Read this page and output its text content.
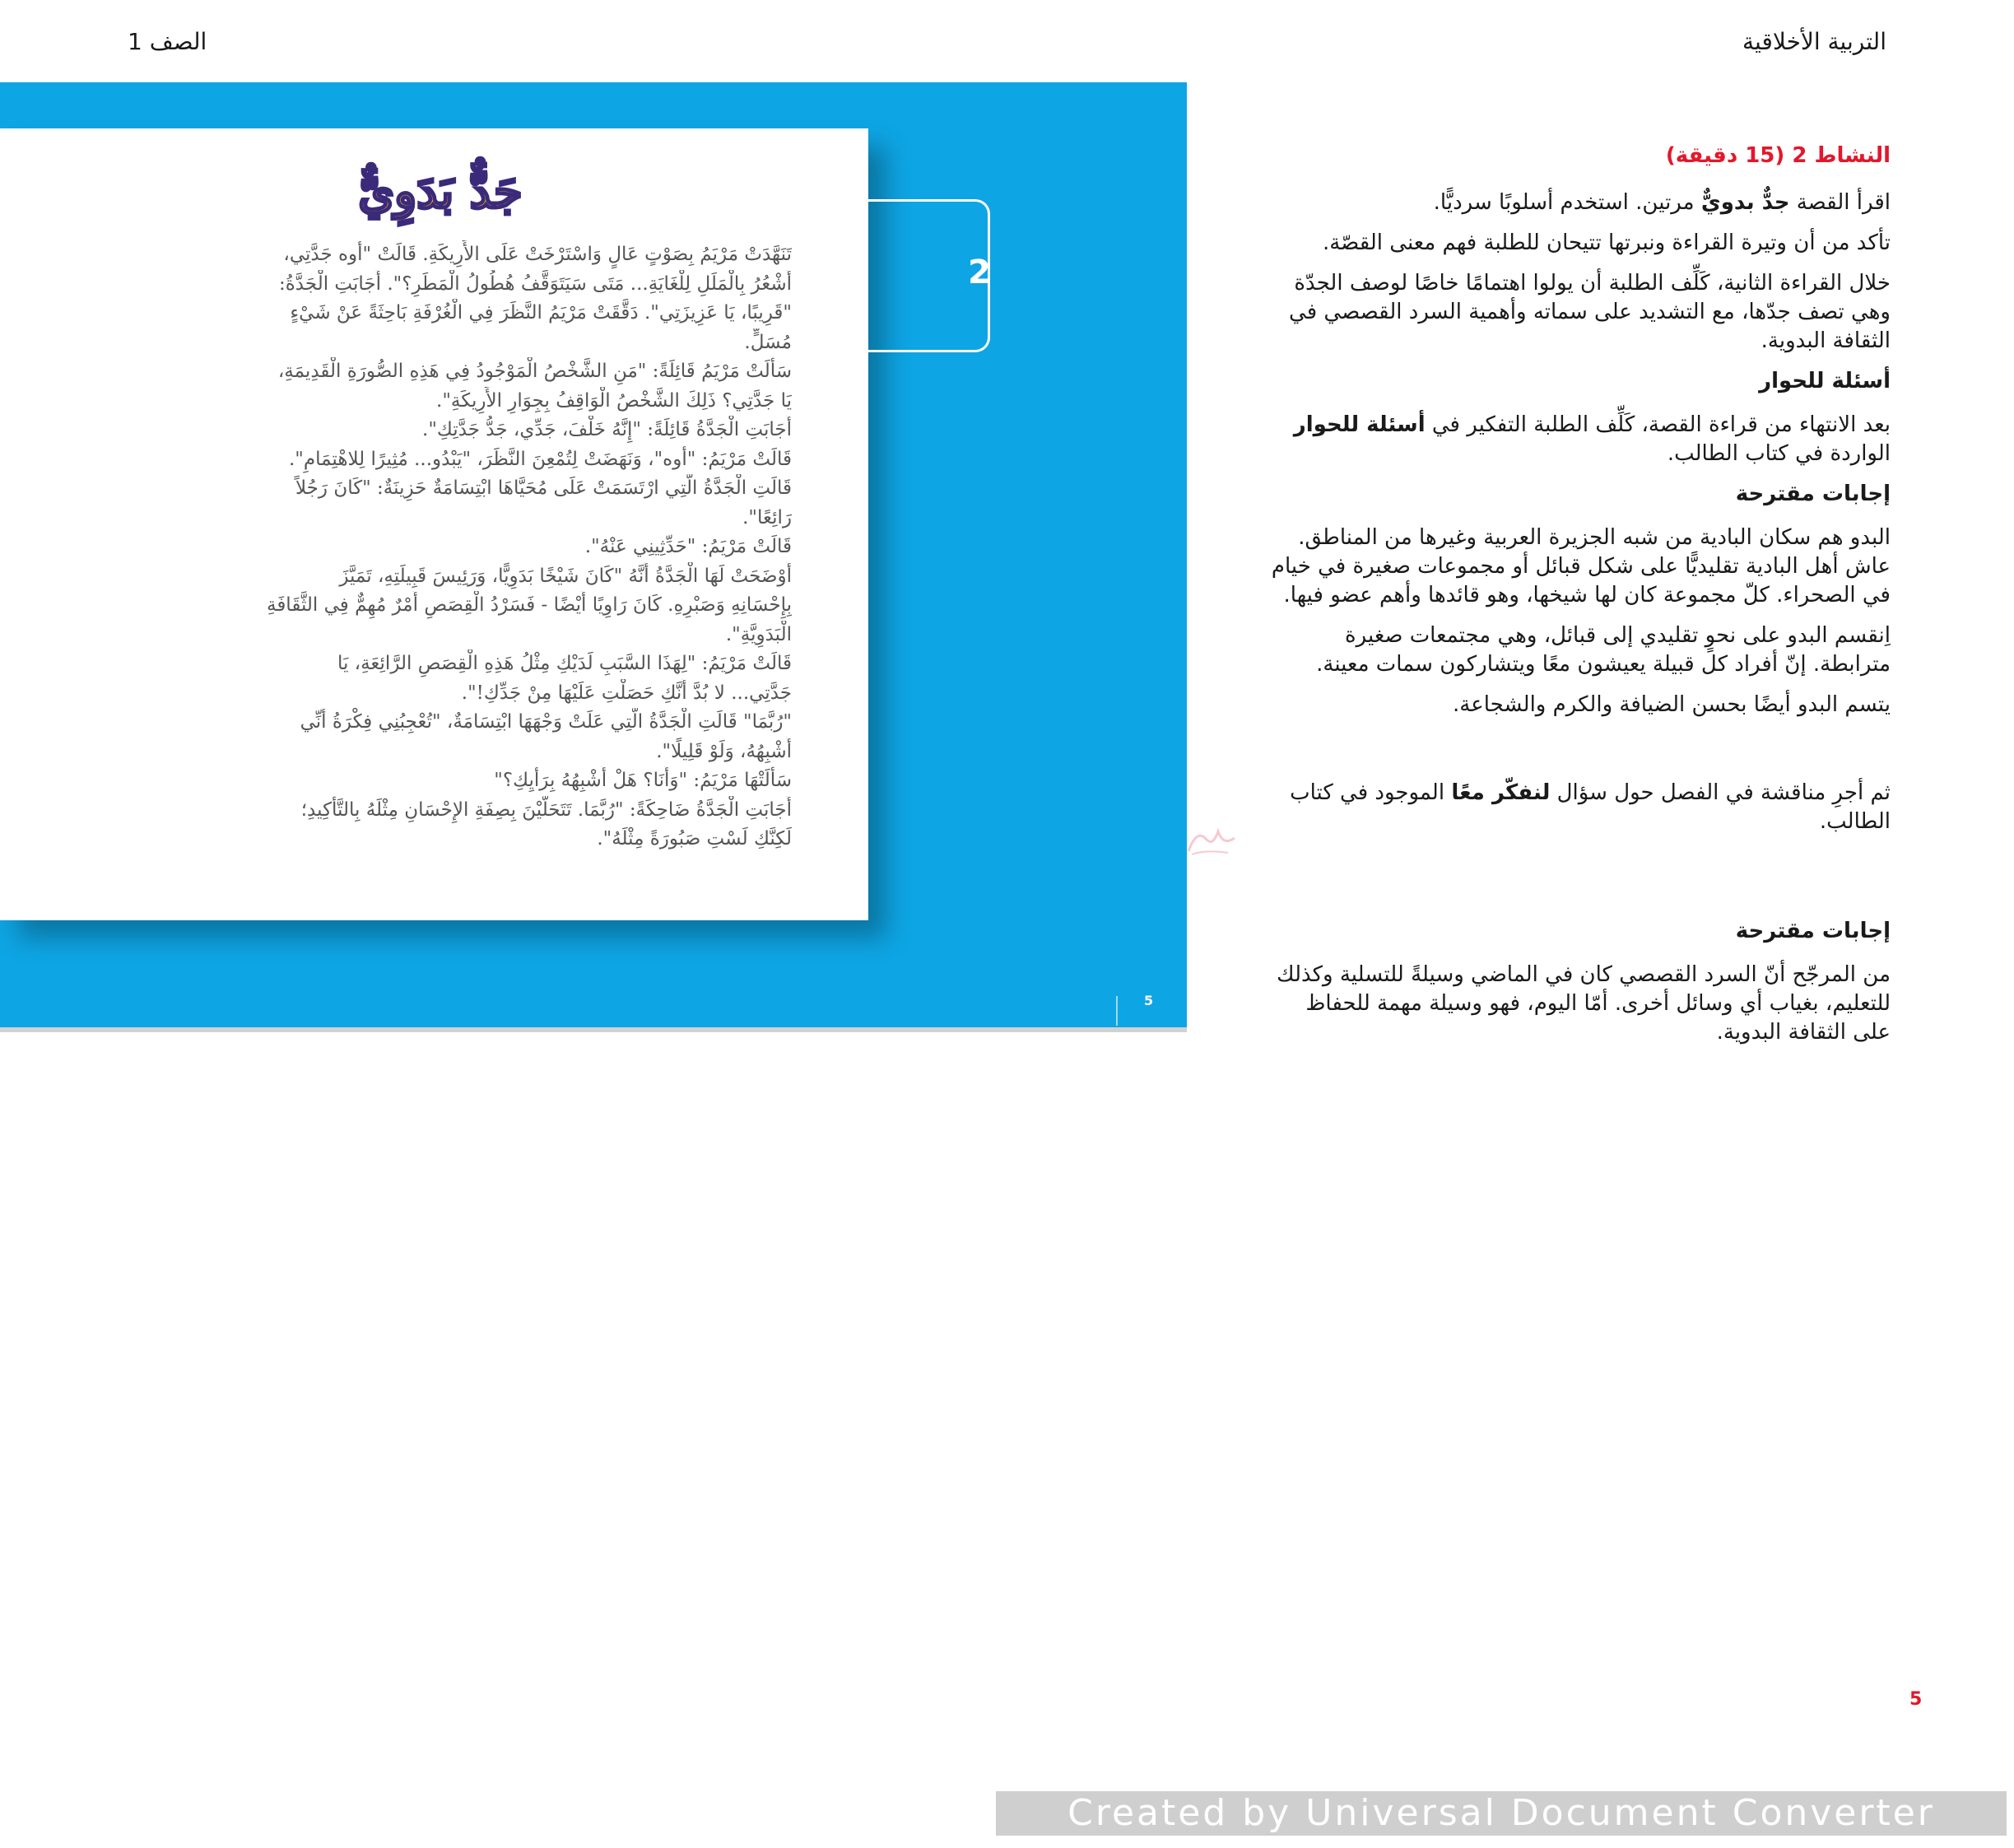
التربية الأخلاقية
الصف 1
جَدٌّ بَدَوِيٌّ
تَنَهَّدَتْ مَرْيَمُ بِصَوْتٍ عَالٍ وَاسْتَرْخَتْ عَلَى الأَرِيكَةِ. قَالَتْ "أوه جَدَّتِي،
أَشْعُرُ بِالْمَلَلِ لِلْغَايَةِ... مَتَى سَيَتَوَقَّفُ هُطُولُ الْمَطَرِ؟". أَجَابَتِ الْجَدَّةُ:
"قَرِيبًا، يَا عَزِيزَتِي". دَقَّقَتْ مَرْيَمُ النَّظَرَ فِي الْغُرْفَةِ بَاحِثَةً عَنْ شَيْءٍ
مُسَلٍّ.
سَأَلَتْ مَرْيَمُ قَائِلَةً: "مَنِ الشَّخْصُ الْمَوْجُودُ فِي هَذِهِ الصُّورَةِ الْقَدِيمَةِ،
يَا جَدَّتِي؟ ذَلِكَ الشَّخْصُ الْوَاقِفُ بِجِوَارِ الأَرِيكَةِ".
أَجَابَتِ الْجَدَّةُ قَائِلَةً: "إِنَّهُ خَلْفَ، جَدِّي، جَدُّ جَدَّتِكِ".
قَالَتْ مَرْيَمُ: "أوه"، وَنَهَضَتْ لِتُمْعِنَ النَّظَرَ، "يَبْدُو... مُثِيرًا لِلاهْتِمَامِ".
قَالَتِ الْجَدَّةُ الَّتِي ارْتَسَمَتْ عَلَى مُحَيَّاهَا ابْتِسَامَةٌ حَزِينَةٌ: "كَانَ رَجُلاً
رَائِعًا".
قَالَتْ مَرْيَمُ: "حَدِّثِينِي عَنْهُ".
أَوْضَحَتْ لَهَا الْجَدَّةُ أَنَّهُ "كَانَ شَيْخًا بَدَوِيًّا، وَرَئِيسَ قَبِيلَتِهِ، تَمَيَّزَ
بِإِحْسَانِهِ وَصَبْرِهِ. كَانَ رَاوِيًا أَيْضًا - فَسَرْدُ الْقِصَصِ أَمْرٌ مُهِمٌّ فِي الثَّقَافَةِ
الْبَدَوِيَّةِ".
قَالَتْ مَرْيَمُ: "لِهَذَا السَّبَبِ لَدَيْكِ مِثْلُ هَذِهِ الْقِصَصِ الرَّائِعَةِ، يَا
جَدَّتِي... لا بُدَّ أَنَّكِ حَصَلْتِ عَلَيْهَا مِنْ جَدِّكِ!".
"رُبَّمَا" قَالَتِ الْجَدَّةُ الَّتِي عَلَتْ وَجْهَهَا ابْتِسَامَةٌ، "تُعْجِبُنِي فِكْرَةُ أَنِّي
أُشْبِهُهُ، وَلَوْ قَلِيلًا".
سَأَلَتْهَا مَرْيَمُ: "وَأَنَا؟ هَلْ أُشْبِهُهُ بِرَأْيِكِ؟"
أَجَابَتِ الْجَدَّةُ ضَاحِكَةً: "رُبَّمَا. تَتَحَلَّيْنَ بِصِفَةِ الإِحْسَانِ مِثْلَهُ بِالتَّأْكِيدِ؛
لَكِنَّكِ لَسْتِ صَبُورَةً مِثْلَهُ".
2
5
النشاط 2 (15 دقيقة)

اقرأ القصة جدٌّ بدويٌّ مرتين. استخدم أسلوبًا سرديًّا.

تأكد من أن وتيرة القراءة ونبرتها تتيحان للطلبة فهم معنى القصّة.

خلال القراءة الثانية، كَلِّف الطلبة أن يولوا اهتمامًا خاصًا لوصف الجدّة وهي تصف جدّها، مع التشديد على سماته وأهمية السرد القصصي في الثقافة البدوية.

أسئلة للحوار

بعد الانتهاء من قراءة القصة، كَلِّف الطلبة التفكير في أسئلة للحوار الواردة في كتاب الطالب.

إجابات مقترحة

البدو هم سكان البادية من شبه الجزيرة العربية وغيرها من المناطق. عاش أهل البادية تقليديًّا على شكل قبائل أو مجموعات صغيرة في خيام في الصحراء. كلّ مجموعة كان لها شيخها، وهو قائدها وأهم عضو فيها.

اِنقسم البدو على نحوٍ تقليدي إلى قبائل، وهي مجتمعات صغيرة مترابطة. إنّ أفراد كل قبيلة يعيشون معًا ويتشاركون سمات معينة.

يتسم البدو أيضًا بحسن الضيافة والكرم والشجاعة.

ثم أجرِ مناقشة في الفصل حول سؤال لنفكّر معًا الموجود في كتاب الطالب.

إجابات مقترحة

من المرجّح أنّ السرد القصصي كان في الماضي وسيلةً للتسلية وكذلك للتعليم، بغياب أي وسائل أخرى. أمّا اليوم، فهو وسيلة مهمة للحفاظ على الثقافة البدوية.

5
Created by Universal Document Converter
